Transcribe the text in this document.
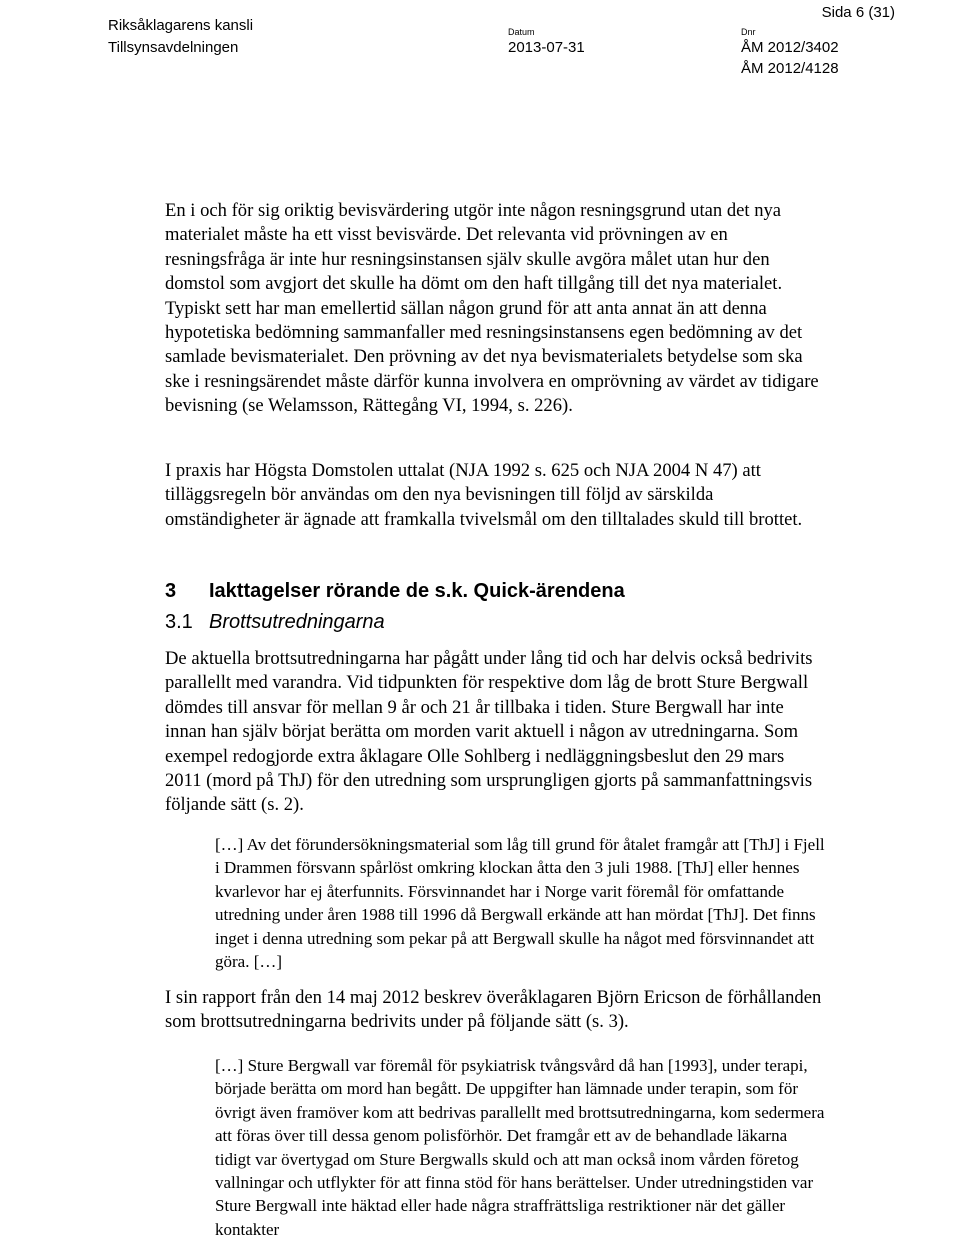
Sida 6 (31)
Riksåklagarens kansli
Tillsynsavdelningen
Datum
2013-07-31
Dnr
ÅM 2012/3402
ÅM 2012/4128

En i och för sig oriktig bevisvärdering utgör inte någon resningsgrund utan det nya materialet måste ha ett visst bevisvärde. Det relevanta vid prövningen av en resningsfråga är inte hur resningsinstansen själv skulle avgöra målet utan hur den domstol som avgjort det skulle ha dömt om den haft tillgång till det nya materialet. Typiskt sett har man emellertid sällan någon grund för att anta annat än att denna hypotetiska bedömning sammanfaller med resningsinstansens egen bedömning av det samlade bevismaterialet. Den prövning av det nya bevismaterialets betydelse som ska ske i resningsärendet måste därför kunna involvera en omprövning av värdet av tidigare bevisning (se Welamsson, Rättegång VI, 1994, s. 226).

I praxis har Högsta Domstolen uttalat (NJA 1992 s. 625 och NJA 2004 N 47) att tilläggsregeln bör användas om den nya bevisningen till följd av särskilda omständigheter är ägnade att framkalla tvivelsmål om den tilltalades skuld till brottet.

3 Iakttagelser rörande de s.k. Quick-ärendena
3.1 Brottsutredningarna

De aktuella brottsutredningarna har pågått under lång tid och har delvis också bedrivits parallellt med varandra. Vid tidpunkten för respektive dom låg de brott Sture Bergwall dömdes till ansvar för mellan 9 år och 21 år tillbaka i tiden. Sture Bergwall har inte innan han själv börjat berätta om morden varit aktuell i någon av utredningarna. Som exempel redogjorde extra åklagare Olle Sohlberg i nedläggningsbeslut den 29 mars 2011 (mord på ThJ) för den utredning som ursprungligen gjorts på sammanfattningsvis följande sätt (s. 2).

[…] Av det förundersökningsmaterial som låg till grund för åtalet framgår att [ThJ] i Fjell i Drammen försvann spårlöst omkring klockan åtta den 3 juli 1988. [ThJ] eller hennes kvarlevor har ej återfunnits. Försvinnandet har i Norge varit föremål för omfattande utredning under åren 1988 till 1996 då Bergwall erkände att han mördat [ThJ]. Det finns inget i denna utredning som pekar på att Bergwall skulle ha något med försvinnandet att göra. […]

I sin rapport från den 14 maj 2012 beskrev överåklagaren Björn Ericson de förhållanden som brottsutredningarna bedrivits under på följande sätt (s. 3).

[…] Sture Bergwall var föremål för psykiatrisk tvångsvård då han [1993], under terapi, började berätta om mord han begått. De uppgifter han lämnade under terapin, som för övrigt även framöver kom att bedrivas parallellt med brottsutredningarna, kom sedermera att föras över till dessa genom polisförhör. Det framgår ett av de behandlade läkarna tidigt var övertygad om Sture Bergwalls skuld och att man också inom vården företog vallningar och utflykter för att finna stöd för hans berättelser. Under utredningstiden var Sture Bergwall inte häktad eller hade några straffrättsliga restriktioner när det gäller kontakter
